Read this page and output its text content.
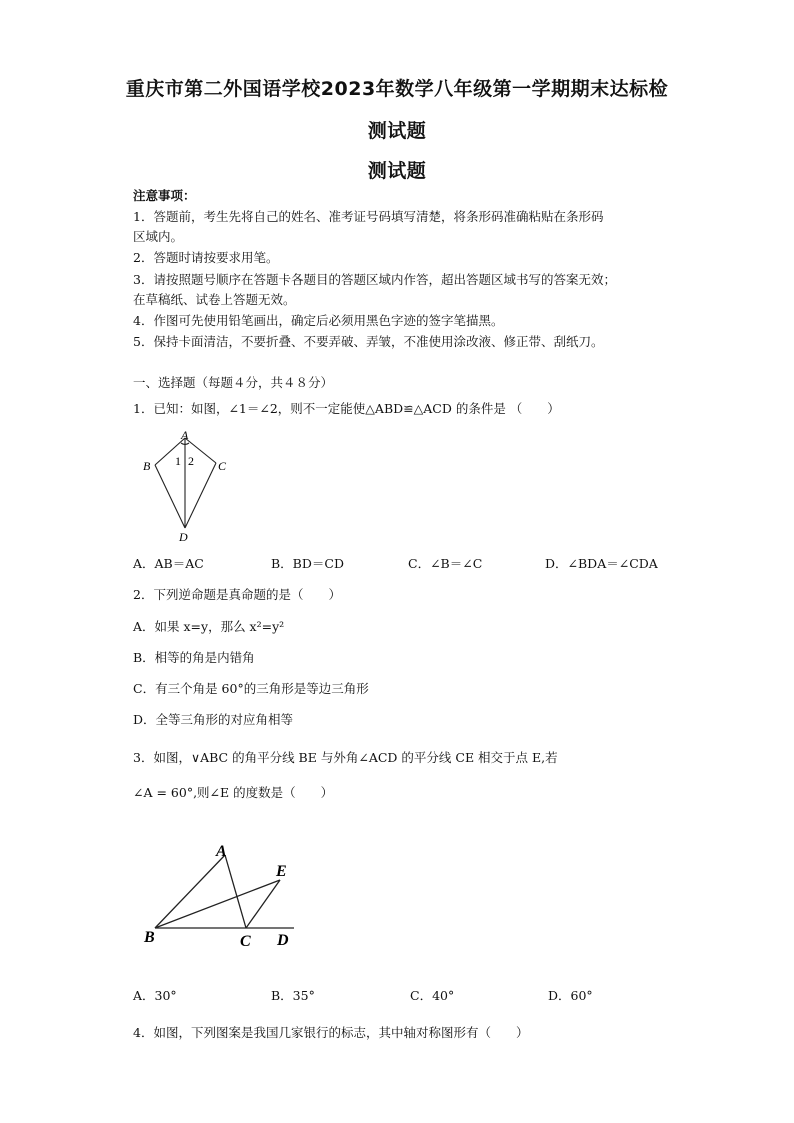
重庆市第二外国语学校2023年数学八年级第一学期期末达标检
测试题
测试题
注意事项：
1．答题前，考生先将自己的姓名、准考证号码填写清楚，将条形码准确粘贴在条形码
区域内。
2．答题时请按要求用笔。
3．请按照题号顺序在答题卡各题目的答题区域内作答，超出答题区域书写的答案无效；
在草稿纸、试卷上答题无效。
4．作图可先使用铅笔画出，确定后必须用黑色字迹的签字笔描黑。
5．保持卡面清洁，不要折叠、不要弄破、弄皱，不准使用涂改液、修正带、刮纸刀。
一、选择题（每题４分，共４８分）
1．已知：如图，∠1＝∠2，则不一定能使△ABD≌△ACD 的条件是 （　　）
A
B	C
D
1 2
A．AB＝AC	B．BD＝CD	C．∠B＝∠C	D．∠BDA＝∠CDA
2．下列逆命题是真命题的是（　　）
A．如果 x=y，那么 x²=y²
B．相等的角是内错角
C．有三个角是 60°的三角形是等边三角形
D．全等三角形的对应角相等
3．如图，∨ABC 的角平分线 BE 与外角∠ACD 的平分线 CE 相交于点 E,若
∠A = 60°,则∠E 的度数是（　　）
A
B	C D
E
A．30°	B．35°	C．40°	D．60°
4．如图，下列图案是我国几家银行的标志，其中轴对称图形有（　　）
